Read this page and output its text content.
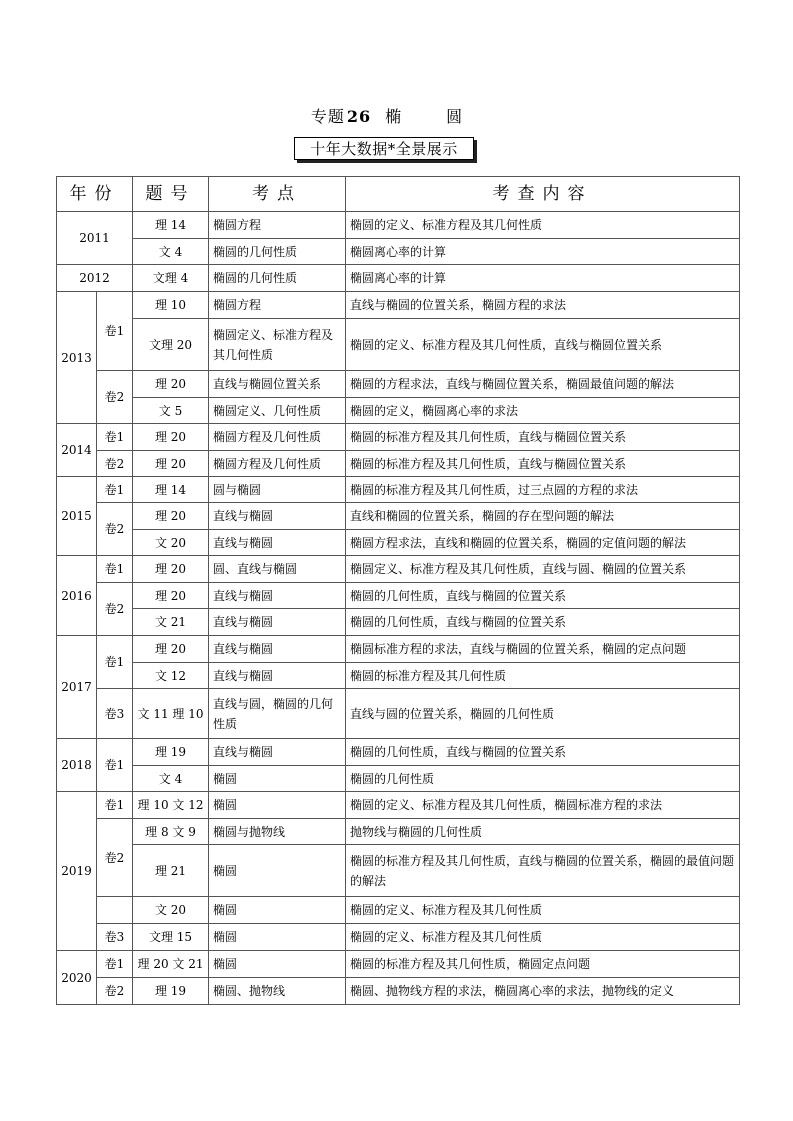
专题 26 椭 圆
十年大数据*全景展示
年份		题号	考点	考查内容
2011		理 14	椭圆方程	椭圆的定义、标准方程及其几何性质
		文 4	椭圆的几何性质	椭圆离心率的计算
2012		文理 4	椭圆的几何性质	椭圆离心率的计算
2013	卷1	理 10	椭圆方程	直线与椭圆的位置关系，椭圆方程的求法
		文理 20	椭圆定义、标准方程及其几何性质	椭圆的定义、标准方程及其几何性质，直线与椭圆位置关系
	卷2	理 20	直线与椭圆位置关系	椭圆的方程求法，直线与椭圆位置关系，椭圆最值问题的解法
		文 5	椭圆定义、几何性质	椭圆的定义，椭圆离心率的求法
2014	卷1	理 20	椭圆方程及几何性质	椭圆的标准方程及其几何性质，直线与椭圆位置关系
	卷2	理 20	椭圆方程及几何性质	椭圆的标准方程及其几何性质，直线与椭圆位置关系
2015	卷1	理 14	圆与椭圆	椭圆的标准方程及其几何性质，过三点圆的方程的求法
	卷2	理 20	直线与椭圆	直线和椭圆的位置关系，椭圆的存在型问题的解法
		文 20	直线与椭圆	椭圆方程求法，直线和椭圆的位置关系，椭圆的定值问题的解法
2016	卷1	理 20	圆、直线与椭圆	椭圆定义、标准方程及其几何性质，直线与圆、椭圆的位置关系
	卷2	理 20	直线与椭圆	椭圆的几何性质，直线与椭圆的位置关系
		文 21	直线与椭圆	椭圆的几何性质，直线与椭圆的位置关系
2017	卷1	理 20	直线与椭圆	椭圆标准方程的求法，直线与椭圆的位置关系，椭圆的定点问题
		文 12	直线与椭圆	椭圆的标准方程及其几何性质
	卷3	文 11 理 10	直线与圆，椭圆的几何性质	直线与圆的位置关系，椭圆的几何性质
2018	卷1	理 19	直线与椭圆	椭圆的几何性质，直线与椭圆的位置关系
		文 4	椭圆	椭圆的几何性质
2019	卷1	理 10 文 12	椭圆	椭圆的定义、标准方程及其几何性质，椭圆标准方程的求法
	卷2	理 8 文 9	椭圆与抛物线	抛物线与椭圆的几何性质
		理 21	椭圆	椭圆的标准方程及其几何性质，直线与椭圆的位置关系，椭圆的最值问题的解法
		文 20	椭圆	椭圆的定义、标准方程及其几何性质
	卷3	文理 15	椭圆	椭圆的定义、标准方程及其几何性质
2020	卷1	理 20 文 21	椭圆	椭圆的标准方程及其几何性质，椭圆定点问题
	卷2	理 19	椭圆、抛物线	椭圆、抛物线方程的求法，椭圆离心率的求法，抛物线的定义
